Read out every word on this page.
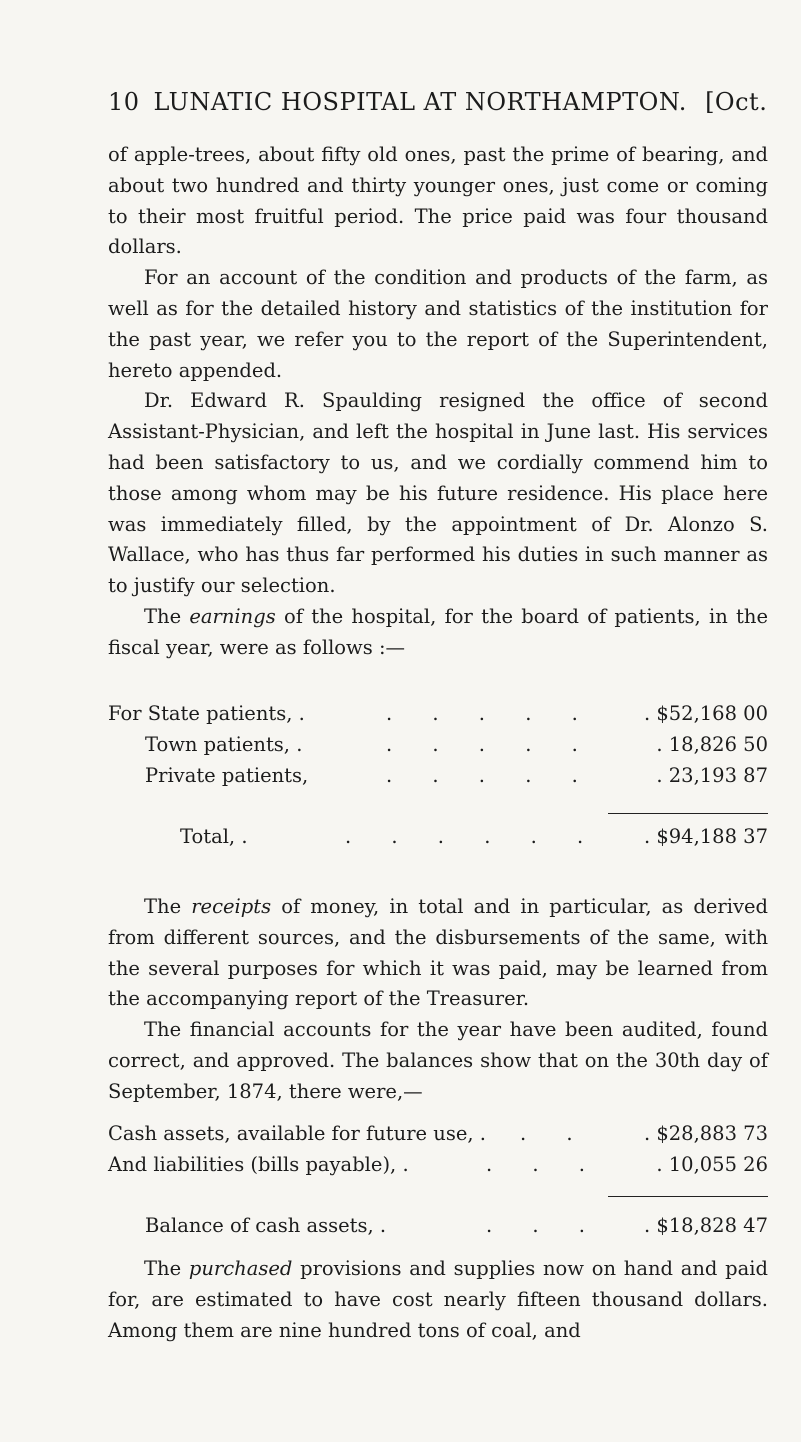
10 LUNATIC HOSPITAL AT NORTHAMPTON. [Oct.

of apple-trees, about fifty old ones, past the prime of bearing, and about two hundred and thirty younger ones, just come or coming to their most fruitful period. The price paid was four thousand dollars.

For an account of the condition and products of the farm, as well as for the detailed history and statistics of the institution for the past year, we refer you to the report of the Superintendent, hereto appended.

Dr. Edward R. Spaulding resigned the office of second Assistant-Physician, and left the hospital in June last. His services had been satisfactory to us, and we cordially commend him to those among whom may be his future residence. His place here was immediately filled, by the appointment of Dr. Alonzo S. Wallace, who has thus far performed his duties in such manner as to justify our selection.

The earnings of the hospital, for the board of patients, in the fiscal year, were as follows :—

For State patients, .	. . . . .	. $52,168 00
Town patients, .	. . . . .	. 18,826 50
Private patients,	. . . . .	. 23,193 87
Total, .	. . . . . .	. $94,188 37

The receipts of money, in total and in particular, as derived from different sources, and the disbursements of the same, with the several purposes for which it was paid, may be learned from the accompanying report of the Treasurer.

The financial accounts for the year have been audited, found correct, and approved. The balances show that on the 30th day of September, 1874, there were,—

Cash assets, available for future use, . . .	. $28,883 73
And liabilities (bills payable), .	. . .	. 10,055 26
Balance of cash assets, .	. . .	. $18,828 47

The purchased provisions and supplies now on hand and paid for, are estimated to have cost nearly fifteen thousand dollars. Among them are nine hundred tons of coal, and
